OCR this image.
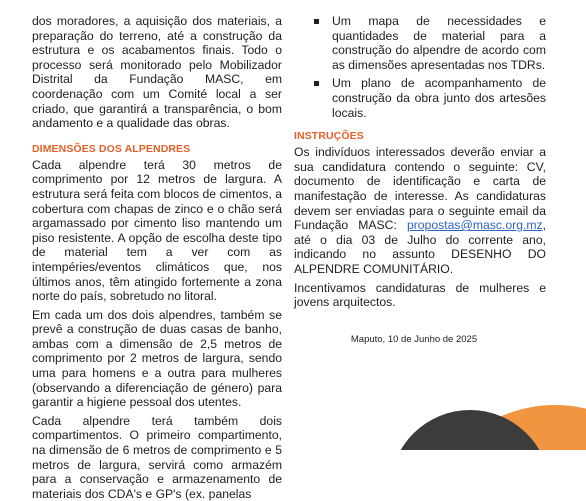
dos moradores, a aquisição dos materiais, a preparação do terreno, até a construção da estrutura e os acabamentos finais. Todo o processo será monitorado pelo Mobilizador Distrital da Fundação MASC, em coordenação com um Comité local a ser criado, que garantirá a transparência, o bom andamento e a qualidade das obras.

DIMENSÕES DOS ALPENDRES

Cada alpendre terá 30 metros de comprimento por 12 metros de largura. A estrutura será feita com blocos de cimentos, a cobertura com chapas de zinco e o chão será argamassado por cimento liso mantendo um piso resistente. A opção de escolha deste tipo de material tem a ver com as intempéries/eventos climáticos que, nos últimos anos, têm atingido fortemente a zona norte do país, sobretudo no litoral.

Em cada um dos dois alpendres, também se prevê a construção de duas casas de banho, ambas com a dimensão de 2,5 metros de comprimento por 2 metros de largura, sendo uma para homens e a outra para mulheres (observando a diferenciação de género) para garantir a higiene pessoal dos utentes.

Cada alpendre terá também dois compartimentos. O primeiro compartimento, na dimensão de 6 metros de comprimento e 5 metros de largura, servirá como armazém para a conservação e armazenamento de materiais dos CDA's e GP's (ex. panelas

Um mapa de necessidades e quantidades de material para a construção do alpendre de acordo com as dimensões apresentadas nos TDRs.
Um plano de acompanhamento de construção da obra junto dos artesões locais.

INSTRUÇÕES

Os indivíduos interessados deverão enviar a sua candidatura contendo o seguinte: CV, documento de identificação e carta de manifestação de interesse. As candidaturas devem ser enviadas para o seguinte email da Fundação MASC: propostas@masc.org.mz, até o dia 03 de Julho do corrente ano, indicando no assunto DESENHO DO ALPENDRE COMUNITÁRIO.

Incentivamos candidaturas de mulheres e jovens arquitectos.

Maputo, 10 de Junho de 2025
